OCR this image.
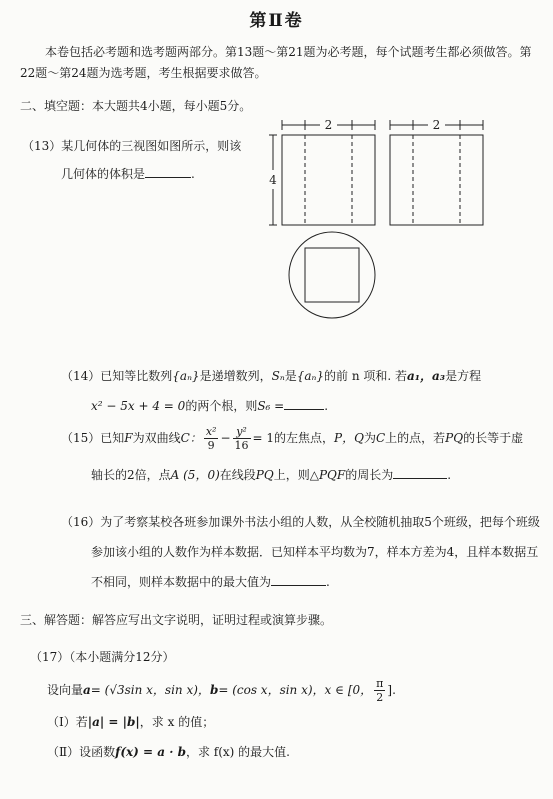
第Ⅱ卷
本卷包括必考题和选考题两部分。第13题～第21题为必考题，每个试题考生都必须做答。第22题～第24题为选考题，考生根据要求做答。
二、填空题：本大题共4小题，每小题5分。
（13）某几何体的三视图如图所示，则该
几何体的体积是	.
2	2
4
（14）已知等比数列{aₙ}是递增数列，Sₙ是{aₙ}的前 n 项和. 若a₁，a₃是方程
x² − 5x + 4 = 0的两个根，则S₆ =	.
（15）已知F为双曲线C： $\frac{\text{x²}}{9} - \frac{\text{y²}}{16} = 1$的左焦点，P，Q为C上的点，若PQ的长等于虚
轴长的2倍，点A (5，0)在线段PQ上，则△PQF的周长为	.
（16）为了考察某校各班参加课外书法小组的人数，从全校随机抽取5个班级，把每个班级
参加该小组的人数作为样本数据．已知样本平均数为7，样本方差为4，且样本数据互
不相同，则样本数据中的最大值为	.
三、解答题：解答应写出文字说明，证明过程或演算步骤。
（17）（本小题满分12分）
设向量a= (√3sin x，sin x)，b= (cos x，sin x)，x ∈ [0， $\frac{\pi}{2}$ ].
（Ⅰ）若|a| = |b|，求 x 的值；
（Ⅱ）设函数f(x) = a · b，求 f(x) 的最大值.
